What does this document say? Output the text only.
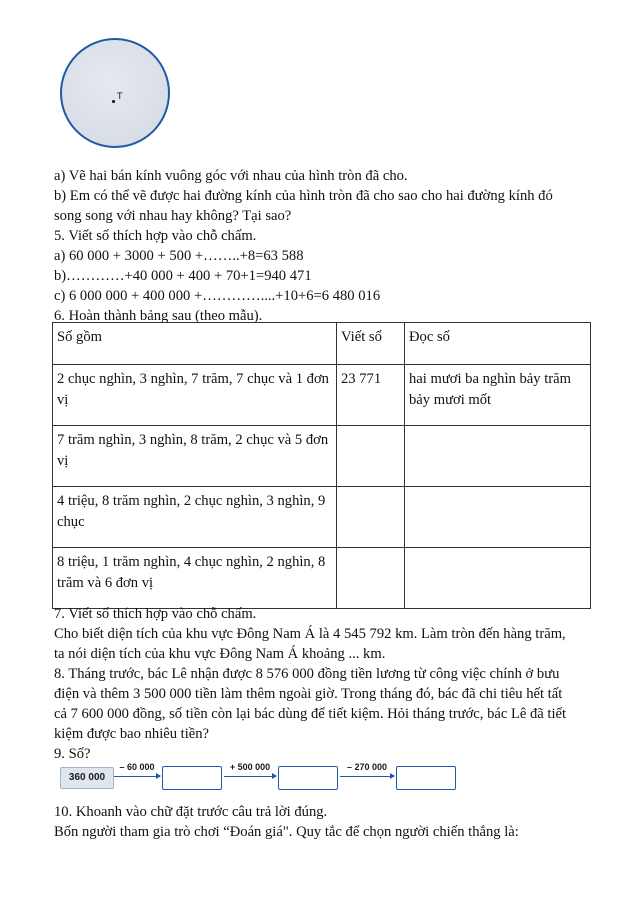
T
a) Vẽ hai bán kính vuông góc với nhau của hình tròn đã cho.
b) Em có thể vẽ được hai đường kính của hình tròn đã cho sao cho hai đường kính đó
song song với nhau hay không? Tại sao?
5. Viết số thích hợp vào chỗ chấm.
a) 60 000 + 3000 + 500 +……..+8=63 588
b)…………+40 000 + 400 + 70+1=940 471
c) 6 000 000 + 400 000 +…………....+10+6=6 480 016
6. Hoàn thành bảng sau (theo mẫu).
Số gồm	Viết số	Đọc số
2 chục nghìn, 3 nghìn, 7 trăm, 7 chục và 1 đơn vị	23 771	hai mươi ba nghìn bảy trăm bảy mươi mốt
7 trăm nghìn, 3 nghìn, 8 trăm, 2 chục và 5 đơn vị		
4 triệu, 8 trăm nghìn, 2 chục nghìn, 3 nghìn, 9 chục		
8 triệu, 1 trăm nghìn, 4 chục nghìn, 2 nghìn, 8 trăm và 6 đơn vị		
7. Viết số thích hợp vào chỗ chấm.
Cho biết diện tích của khu vực Đông Nam Á là 4 545 792 km. Làm tròn đến hàng trăm,
ta nói diện tích của khu vực Đông Nam Á khoảng ... km.
8. Tháng trước, bác Lê nhận được 8 576 000 đồng tiền lương từ công việc chính ở bưu
điện và thêm 3 500 000 tiền làm thêm ngoài giờ. Trong tháng đó, bác đã chi tiêu hết tất
cả 7 600 000 đồng, số tiền còn lại bác dùng để tiết kiệm. Hỏi tháng trước, bác Lê đã tiết
kiệm được bao nhiêu tiền?
9. Số?
360 000
– 60 000	+ 500 000	– 270 000
10. Khoanh vào chữ đặt trước câu trả lời đúng.
Bốn người tham gia trò chơi “Đoán giá". Quy tắc để chọn người chiến thắng là:
